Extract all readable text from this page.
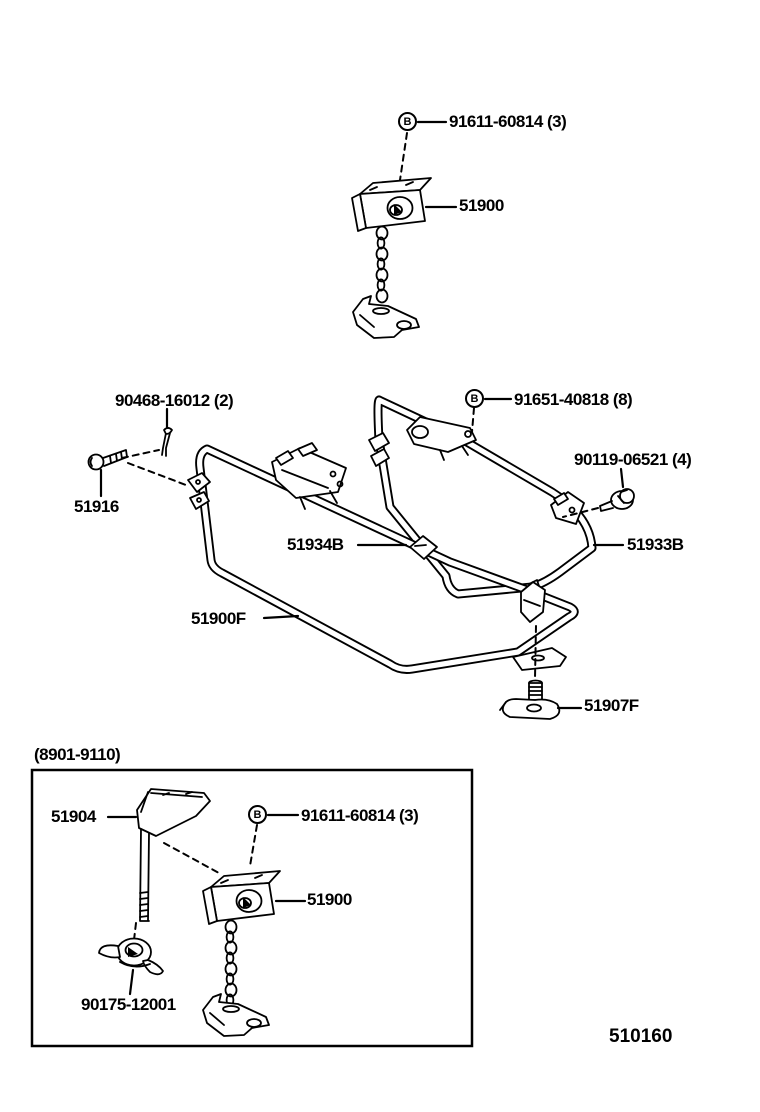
B
B
B
91611-60814 (3)
51900
90468-16012 (2)
51916
91651-40818 (8)
90119-06521 (4)
51934B	51933B
51900F
51907F
(8901-9110)
51904	91611-60814 (3)
51900
90175-12001
510160
